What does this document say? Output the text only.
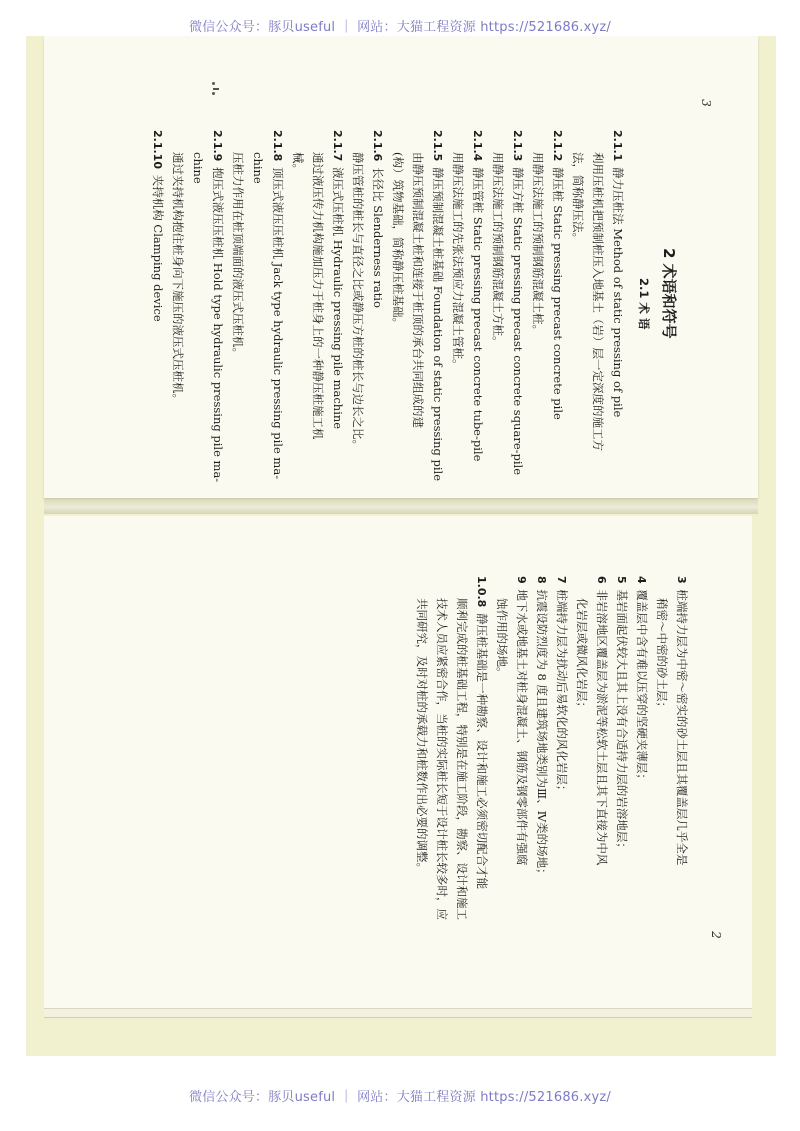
微信公众号：豚贝useful ｜ 网站：大猫工程资源 https://521686.xyz/
2 术语和符号
2.1 术 语
2.1.1 静力压桩法 Method of static pressing of pile
利用压桩机把预制桩压入地基土（岩）层一定深度的施工方
法，简称静压法。
2.1.2 静压桩 Static pressing precast concrete pile
用静压法施工的预制钢筋混凝土桩。
2.1.3 静压方桩 Static pressing precast concrete square-pile
用静压法施工的预制钢筋混凝土方桩。
2.1.4 静压管桩 Static pressing precast concrete tube-pile
用静压法施工的先张法预应力混凝土管桩。
2.1.5 静压预制混凝土桩基础 Foundation of static pressing pile
由静压预制混凝土桩和连接于桩顶的承台共同组成的建
(构）筑物基础，简称静压桩基础。
2.1.6 长径比 Slenderness ratio
静压管桩的桩长与直径之比或静压方桩的桩长与边长之比。
2.1.7 液压式压桩机 Hydraulic pressing pile machine
通过液压传力机构施加压力于桩身上的一种静压桩施工机
械。
2.1.8 顶压式液压压桩机 Jack type hydraulic pressing pile ma-
chine
压桩力作用在桩顶端面的液压式压桩机。
2.1.9 抱压式液压压桩机 Hold type hydraulic pressing pile ma-
chine
通过夹持机构抱住桩身向下施压的液压式压桩机。
2.1.10 夹持机构 Clamping device
3
3 桩端持力层为中密～密实的砂土层且其覆盖层几乎全是
稍密～中密的砂土层；
4 覆盖层中含有难以压穿的坚硬夹薄层；
5 基岩面起伏较大且其上没有合适持力层的岩溶地层；
6 非岩溶地区覆盖层为淤泥等松软土层且其下直接为中风
化岩层或微风化岩层；
7 桩端持力层为扰动后易软化的风化岩层；
8 抗震设防烈度为 8 度且建筑场地类别为Ⅲ、Ⅳ类的场地；
9 地下水或地基土对桩身混凝土、钢筋及钢零部件有强腐
蚀作用的场地。
1.0.8 静压桩基础是一种勘察、设计和施工必须密切配合才能
顺利完成的桩基础工程，特别是在施工阶段，勘察、设计和施工
技术人员应紧密合作，当桩的实际桩长短于设计桩长较多时，应
共同研究，及时对桩的承载力和桩数作出必要的调整。
2
微信公众号：豚贝useful ｜ 网站：大猫工程资源 https://521686.xyz/
